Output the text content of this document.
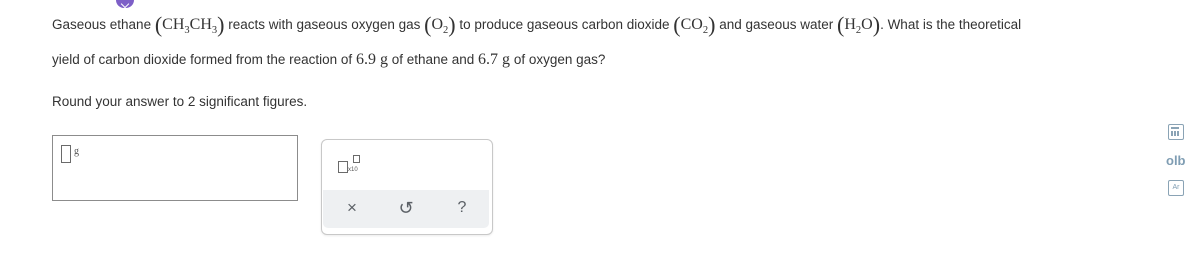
Gaseous ethane $(CH_3CH_3)$ reacts with gaseous oxygen gas $(O_2)$ to produce gaseous carbon dioxide $(CO_2)$ and gaseous water $(H_2O)$. What is the theoretical
yield of carbon dioxide formed from the reaction of 6.9 g of ethane and 6.7 g of oxygen gas?
Round your answer to 2 significant figures.
g
x10
×	↺	?
olb
Ar
